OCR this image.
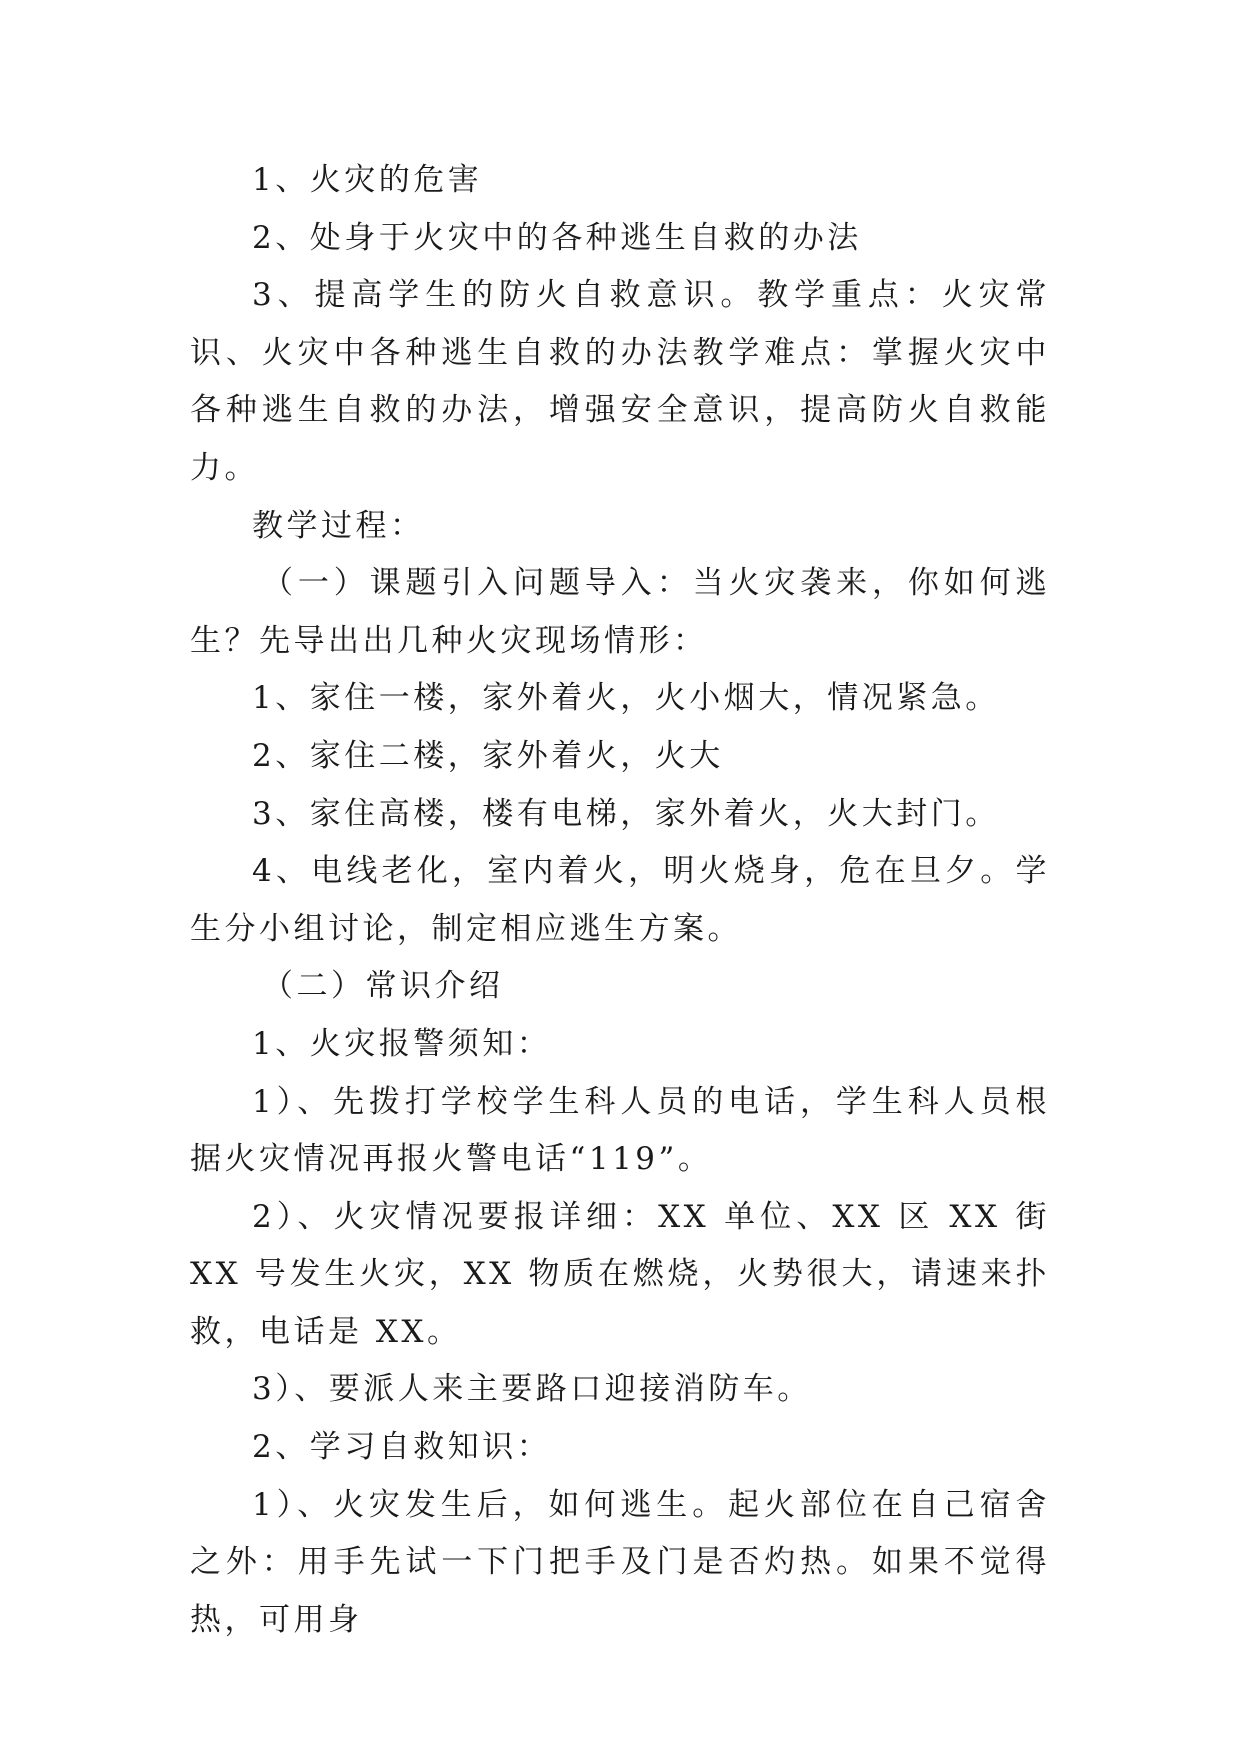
1、火灾的危害

2、处身于火灾中的各种逃生自救的办法

3、提高学生的防火自救意识。教学重点：火灾常识、火灾中各种逃生自救的办法教学难点：掌握火灾中各种逃生自救的办法，增强安全意识，提高防火自救能力。

教学过程：

（一）课题引入问题导入：当火灾袭来，你如何逃生？先导出出几种火灾现场情形：

1、家住一楼，家外着火，火小烟大，情况紧急。

2、家住二楼，家外着火，火大

3、家住高楼，楼有电梯，家外着火，火大封门。

4、电线老化，室内着火，明火烧身，危在旦夕。学生分小组讨论，制定相应逃生方案。

（二）常识介绍

1、火灾报警须知：

1）、先拨打学校学生科人员的电话，学生科人员根据火灾情况再报火警电话“119”。

2）、火灾情况要报详细：XX 单位、XX 区 XX 街 XX 号发生火灾，XX 物质在燃烧，火势很大，请速来扑救，电话是 XX。

3）、要派人来主要路口迎接消防车。

2、学习自救知识：

1）、火灾发生后，如何逃生。起火部位在自己宿舍之外：用手先试一下门把手及门是否灼热。如果不觉得热，可用身
